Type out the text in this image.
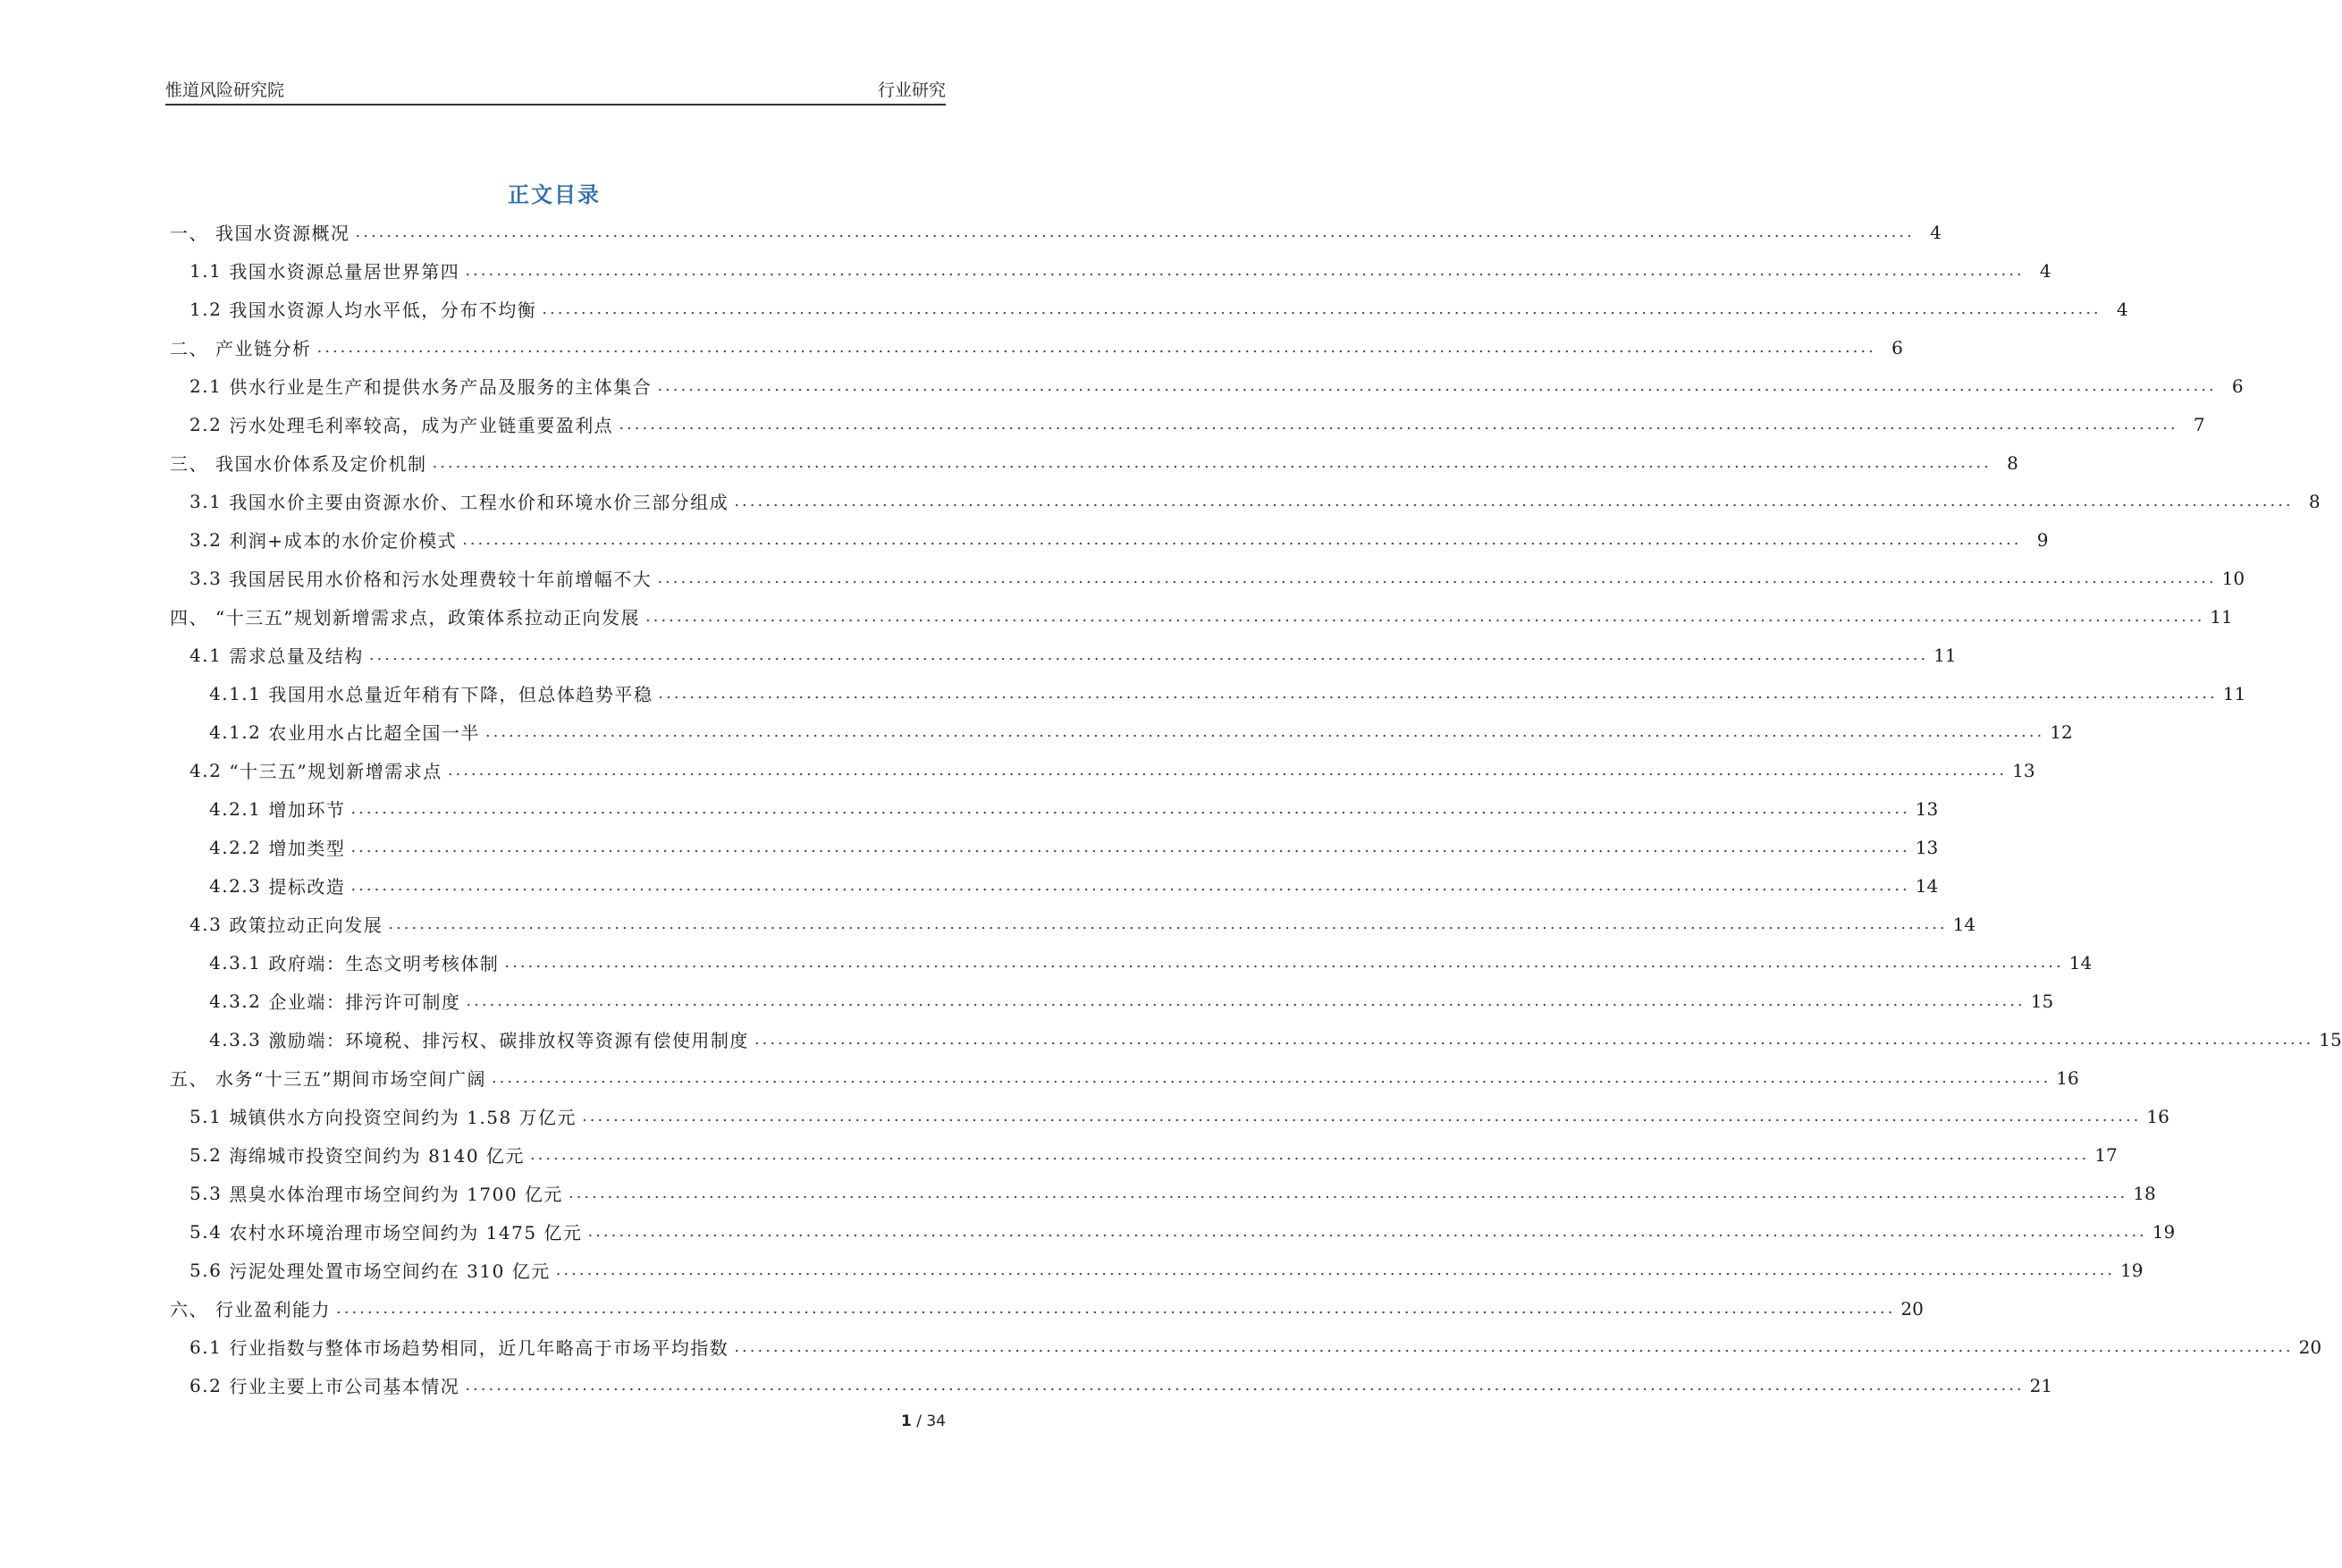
惟道风险研究院	行业研究
正文目录
一、 我国水资源概况 ........................................................................................................................................................................................................ 4
1.1 我国水资源总量居世界第四 ........................................................................................................................................................................................................ 4
1.2 我国水资源人均水平低，分布不均衡 ........................................................................................................................................................................................................ 4
二、 产业链分析 ........................................................................................................................................................................................................ 6
2.1 供水行业是生产和提供水务产品及服务的主体集合 ........................................................................................................................................................................................................ 6
2.2 污水处理毛利率较高，成为产业链重要盈利点 ........................................................................................................................................................................................................ 7
三、 我国水价体系及定价机制 ........................................................................................................................................................................................................ 8
3.1 我国水价主要由资源水价、工程水价和环境水价三部分组成 ........................................................................................................................................................................................................ 8
3.2 利润+成本的水价定价模式 ........................................................................................................................................................................................................ 9
3.3 我国居民用水价格和污水处理费较十年前增幅不大 ........................................................................................................................................................................................................ 10
四、 “十三五”规划新增需求点，政策体系拉动正向发展 ........................................................................................................................................................................................................ 11
4.1 需求总量及结构 ........................................................................................................................................................................................................ 11
4.1.1 我国用水总量近年稍有下降，但总体趋势平稳 ........................................................................................................................................................................................................ 11
4.1.2 农业用水占比超全国一半 ........................................................................................................................................................................................................ 12
4.2 “十三五”规划新增需求点 ........................................................................................................................................................................................................ 13
4.2.1 增加环节 ........................................................................................................................................................................................................ 13
4.2.2 增加类型 ........................................................................................................................................................................................................ 13
4.2.3 提标改造 ........................................................................................................................................................................................................ 14
4.3 政策拉动正向发展 ........................................................................................................................................................................................................ 14
4.3.1 政府端：生态文明考核体制 ........................................................................................................................................................................................................ 14
4.3.2 企业端：排污许可制度 ........................................................................................................................................................................................................ 15
4.3.3 激励端：环境税、排污权、碳排放权等资源有偿使用制度 ........................................................................................................................................................................................................ 15
五、 水务“十三五”期间市场空间广阔 ........................................................................................................................................................................................................ 16
5.1 城镇供水方向投资空间约为 1.58 万亿元 ........................................................................................................................................................................................................ 16
5.2 海绵城市投资空间约为 8140 亿元 ........................................................................................................................................................................................................ 17
5.3 黑臭水体治理市场空间约为 1700 亿元 ........................................................................................................................................................................................................ 18
5.4 农村水环境治理市场空间约为 1475 亿元 ........................................................................................................................................................................................................ 19
5.6 污泥处理处置市场空间约在 310 亿元 ........................................................................................................................................................................................................ 19
六、 行业盈利能力 ........................................................................................................................................................................................................ 20
6.1 行业指数与整体市场趋势相同，近几年略高于市场平均指数 ........................................................................................................................................................................................................ 20
6.2 行业主要上市公司基本情况 ........................................................................................................................................................................................................ 21
1 / 34
